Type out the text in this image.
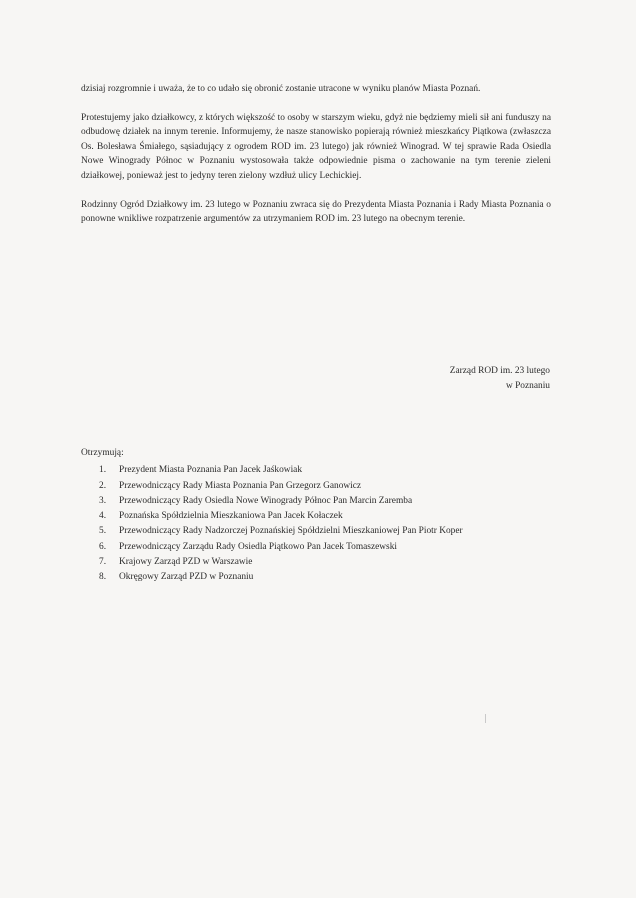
dzisiaj rozgromnie i uważa, że to co udało się obronić zostanie utracone w wyniku planów Miasta Poznań.

Protestujemy jako działkowcy, z których większość to osoby w starszym wieku, gdyż nie będziemy mieli sił ani funduszy na odbudowę działek na innym terenie. Informujemy, że nasze stanowisko popierają również mieszkańcy Piątkowa (zwłaszcza Os. Bolesława Śmiałego, sąsiadujący z ogrodem ROD im. 23 lutego) jak również Winograd. W tej sprawie Rada Osiedla Nowe Winogrady Północ w Poznaniu wystosowała także odpowiednie pisma o zachowanie na tym terenie zieleni działkowej, ponieważ jest to jedyny teren zielony wzdłuż ulicy Lechickiej.

Rodzinny Ogród Działkowy im. 23 lutego w Poznaniu zwraca się do Prezydenta Miasta Poznania i Rady Miasta Poznania o ponowne wnikliwe rozpatrzenie argumentów za utrzymaniem ROD im. 23 lutego na obecnym terenie.

Zarząd ROD im. 23 lutego
w Poznaniu
Otrzymują:
1. Prezydent Miasta Poznania Pan Jacek Jaśkowiak
2. Przewodniczący Rady Miasta Poznania Pan Grzegorz Ganowicz
3. Przewodniczący Rady Osiedla Nowe Winogrady Północ Pan Marcin Zaremba
4. Poznańska Spółdzielnia Mieszkaniowa Pan Jacek Kołaczek
5. Przewodniczący Rady Nadzorczej Poznańskiej Spółdzielni Mieszkaniowej Pan Piotr Koper
6. Przewodniczący Zarządu Rady Osiedla Piątkowo Pan Jacek Tomaszewski
7. Krajowy Zarząd PZD w Warszawie
8. Okręgowy Zarząd PZD w Poznaniu
